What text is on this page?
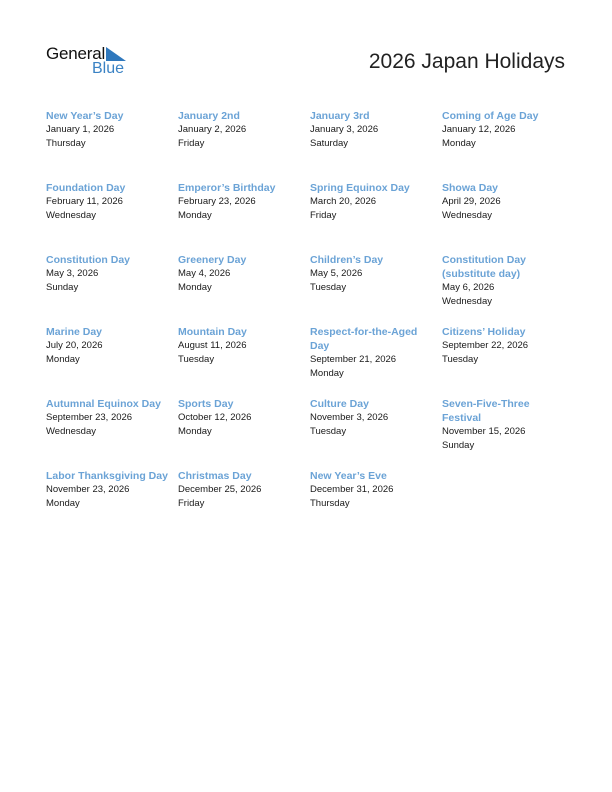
General
Blue	2026 Japan Holidays
New Year’s Day
January 1, 2026
Thursday
January 2nd
January 2, 2026
Friday
January 3rd
January 3, 2026
Saturday
Coming of Age Day
January 12, 2026
Monday
Foundation Day
February 11, 2026
Wednesday
Emperor’s Birthday
February 23, 2026
Monday
Spring Equinox Day
March 20, 2026
Friday
Showa Day
April 29, 2026
Wednesday
Constitution Day
May 3, 2026
Sunday
Greenery Day
May 4, 2026
Monday
Children’s Day
May 5, 2026
Tuesday
Constitution Day (substitute day)
May 6, 2026
Wednesday
Marine Day
July 20, 2026
Monday
Mountain Day
August 11, 2026
Tuesday
Respect-for-the-Aged Day
September 21, 2026
Monday
Citizens’ Holiday
September 22, 2026
Tuesday
Autumnal Equinox Day
September 23, 2026
Wednesday
Sports Day
October 12, 2026
Monday
Culture Day
November 3, 2026
Tuesday
Seven-Five-Three Festival
November 15, 2026
Sunday
Labor Thanksgiving Day
November 23, 2026
Monday
Christmas Day
December 25, 2026
Friday
New Year’s Eve
December 31, 2026
Thursday
